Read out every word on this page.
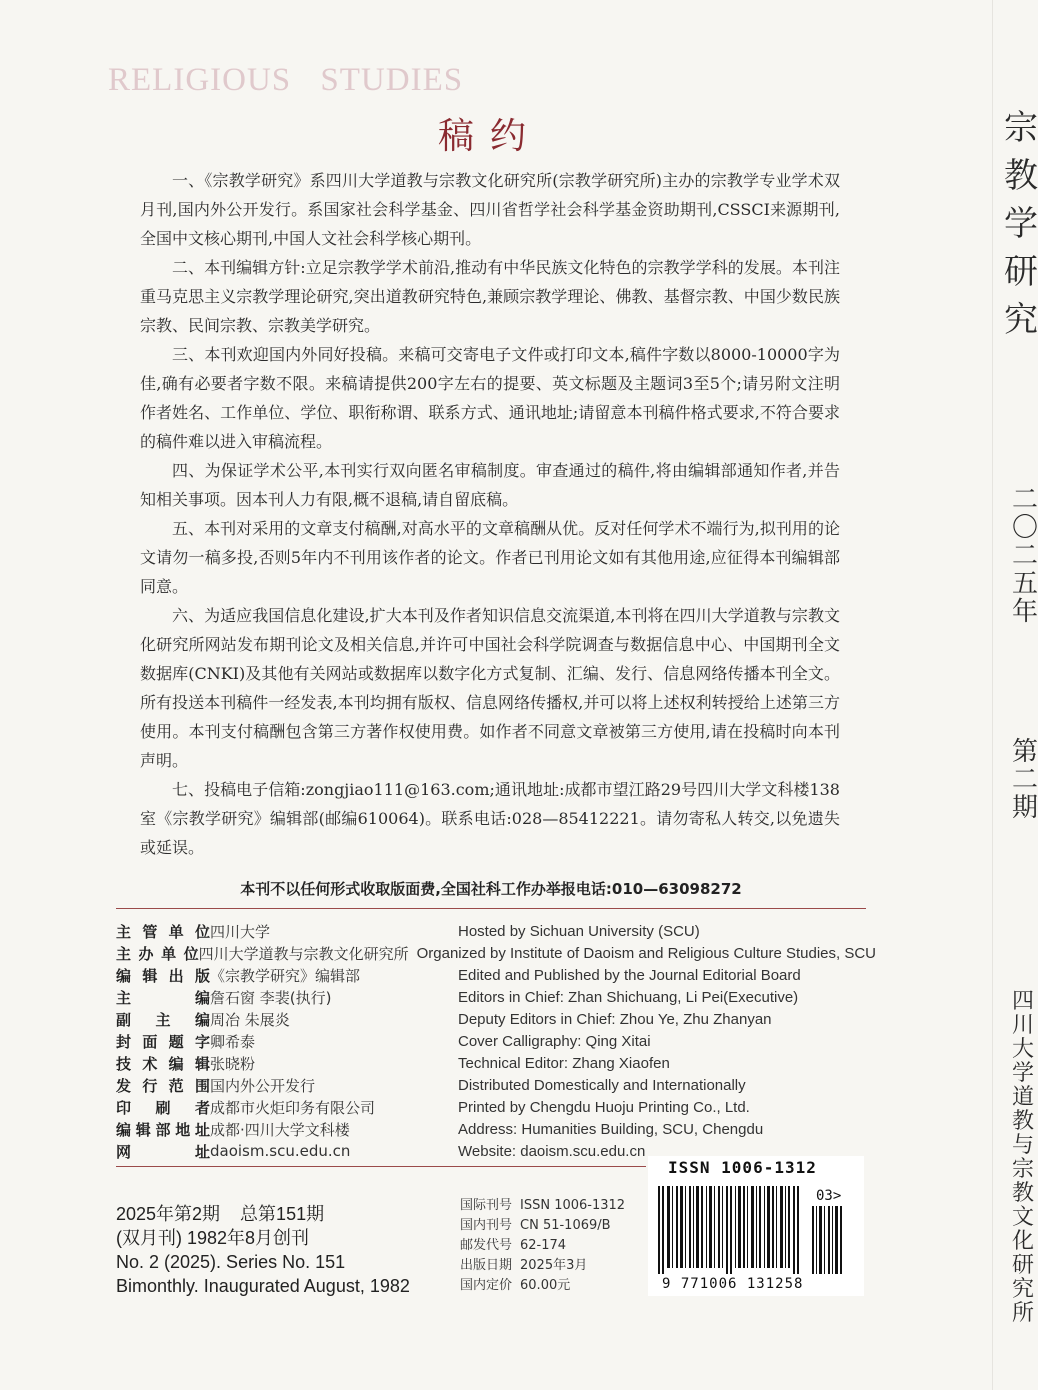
RELIGIOUS STUDIES
稿约

一、《宗教学研究》系四川大学道教与宗教文化研究所(宗教学研究所)主办的宗教学专业学术双月刊,国内外公开发行。系国家社会科学基金、四川省哲学社会科学基金资助期刊,CSSCI来源期刊,全国中文核心期刊,中国人文社会科学核心期刊。

二、本刊编辑方针:立足宗教学学术前沿,推动有中华民族文化特色的宗教学学科的发展。本刊注重马克思主义宗教学理论研究,突出道教研究特色,兼顾宗教学理论、佛教、基督宗教、中国少数民族宗教、民间宗教、宗教美学研究。

三、本刊欢迎国内外同好投稿。来稿可交寄电子文件或打印文本,稿件字数以8000-10000字为佳,确有必要者字数不限。来稿请提供200字左右的提要、英文标题及主题词3至5个;请另附文注明作者姓名、工作单位、学位、职衔称谓、联系方式、通讯地址;请留意本刊稿件格式要求,不符合要求的稿件难以进入审稿流程。

四、为保证学术公平,本刊实行双向匿名审稿制度。审查通过的稿件,将由编辑部通知作者,并告知相关事项。因本刊人力有限,概不退稿,请自留底稿。

五、本刊对采用的文章支付稿酬,对高水平的文章稿酬从优。反对任何学术不端行为,拟刊用的论文请勿一稿多投,否则5年内不刊用该作者的论文。作者已刊用论文如有其他用途,应征得本刊编辑部同意。

六、为适应我国信息化建设,扩大本刊及作者知识信息交流渠道,本刊将在四川大学道教与宗教文化研究所网站发布期刊论文及相关信息,并许可中国社会科学院调查与数据信息中心、中国期刊全文数据库(CNKI)及其他有关网站或数据库以数字化方式复制、汇编、发行、信息网络传播本刊全文。所有投送本刊稿件一经发表,本刊均拥有版权、信息网络传播权,并可以将上述权利转授给上述第三方使用。本刊支付稿酬包含第三方著作权使用费。如作者不同意文章被第三方使用,请在投稿时向本刊声明。

七、投稿电子信箱:zongjiao111@163.com;通讯地址:成都市望江路29号四川大学文科楼138室《宗教学研究》编辑部(邮编610064)。联系电话:028—85412221。请勿寄私人转交,以免遗失或延误。

本刊不以任何形式收取版面费,全国社科工作办举报电话:010—63098272
主管单位 四川大学	Hosted by Sichuan University (SCU)
主办单位 四川大学道教与宗教文化研究所 Organized by Institute of Daoism and Religious Culture Studies, SCU
编辑出版 《宗教学研究》编辑部	Edited and Published by the Journal Editorial Board
主编 詹石窗 李裴(执行)	Editors in Chief: Zhan Shichuang, Li Pei(Executive)
副主编 周冶 朱展炎	Deputy Editors in Chief: Zhou Ye, Zhu Zhanyan
封面题字 卿希泰	Cover Calligraphy: Qing Xitai
技术编辑 张晓粉	Technical Editor: Zhang Xiaofen
发行范围 国内外公开发行	Distributed Domestically and Internationally
印刷者 成都市火炬印务有限公司	Printed by Chengdu Huoju Printing Co., Ltd.
编辑部地址 成都·四川大学文科楼	Address: Humanities Building, SCU, Chengdu
网址 daoism.scu.edu.cn	Website: daoism.scu.edu.cn
2025年第2期    总第151期
(双月刊) 1982年8月创刊
No. 2 (2025). Series No. 151
Bimonthly. Inaugurated August, 1982
国际刊号 ISSN 1006-1312
国内刊号 CN 51-1069/B
邮发代号 62-174
出版日期 2025年3月
国内定价 60.00元
ISSN 1006-1312
03>
9 771006 131258
宗教学研究
二〇二五年
第二期
四川大学道教与宗教文化研究所
